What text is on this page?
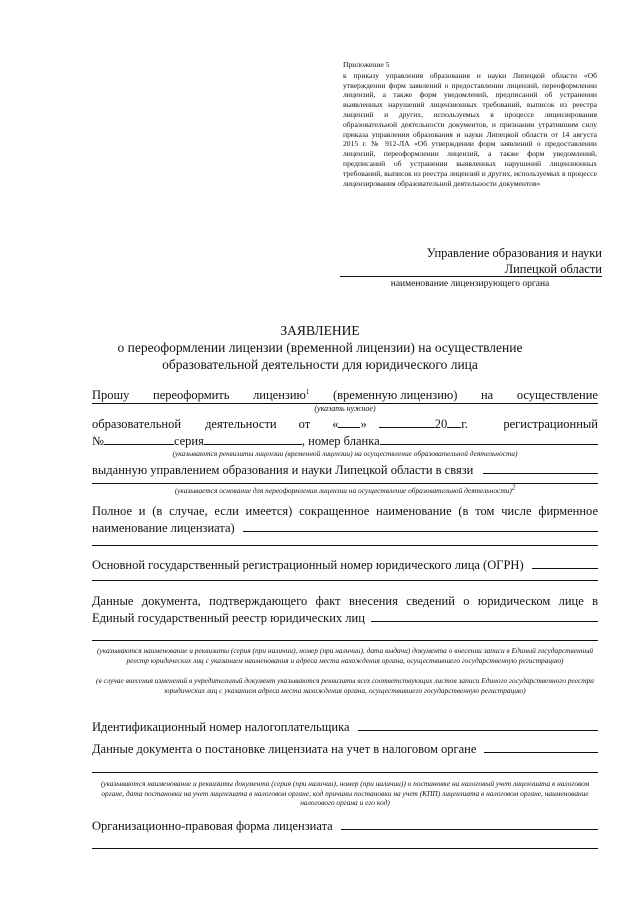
Приложение 5
к приказу управления образования и науки Липецкой области «Об утверждении форм заявлений о предоставлении лицензий, переоформлении лицензий, а также форм уведомлений, предписаний об устранении выявленных нарушений лицензионных требований, выписок из реестра лицензий и других, используемых в процессе лицензирования образовательной деятельности документов, и признании утратившим силу приказа управления образования и науки Липецкой области от 14 августа 2015 г. № 912-ЛА «Об утверждении форм заявлений о предоставлении лицензий, переоформлении лицензий, а также форм уведомлений, предписаний об устранении выявленных нарушений лицензионных требований, выписок из реестра лицензий и других, используемых в процессе лицензирования образовательной деятельности документов»
Управление образования и науки
Липецкой области
наименование лицензирующего органа
ЗАЯВЛЕНИЕ
о переоформлении лицензии (временной лицензии) на осуществление
образовательной деятельности для юридического лица
Прошу переоформить лицензию$^1$ (временную лицензию) на осуществление
(указать нужное)
образовательной деятельности от « »	20 г.	регистрационный
№	серия	, номер бланка
(указываются реквизиты лицензии (временной лицензии) на осуществление образовательной деятельности)
выданную управлением образования и науки Липецкой области в связи
(указывается основание для переоформления лицензии на осуществление образовательной деятельности)2
Полное и (в случае, если имеется) сокращенное наименование (в том числе фирменное
наименование лицензиата)
Основной государственный регистрационный номер юридического лица (ОГРН)
Данные документа, подтверждающего факт внесения сведений о юридическом лице в
Единый государственный реестр юридических лиц
(указываются наименование и реквизиты (серия (при наличии), номер (при наличии), дата выдачи) документа о внесении записи в Единый государственный реестр юридических лиц с указанием наименования и адреса места нахождения органа, осуществившего государственную регистрацию)
(в случае внесения изменений в учредительный документ указываются реквизиты всех соответствующих листов записи Единого государственного реестра юридических лиц с указанием адреса места нахождения органа, осуществившего государственную регистрацию)
Идентификационный номер налогоплательщика
Данные документа о постановке лицензиата на учет в налоговом органе
(указываются наименование и реквизиты документа (серия (при наличии), номер (при наличии)) о постановке на налоговый учет лицензиата в налоговом органе, дата постановки на учет лицензиата в налоговом органе, код причины постановки на учет (КПП) лицензиата в налоговом органе, наименование налогового органа и его код)
Организационно-правовая форма лицензиата
